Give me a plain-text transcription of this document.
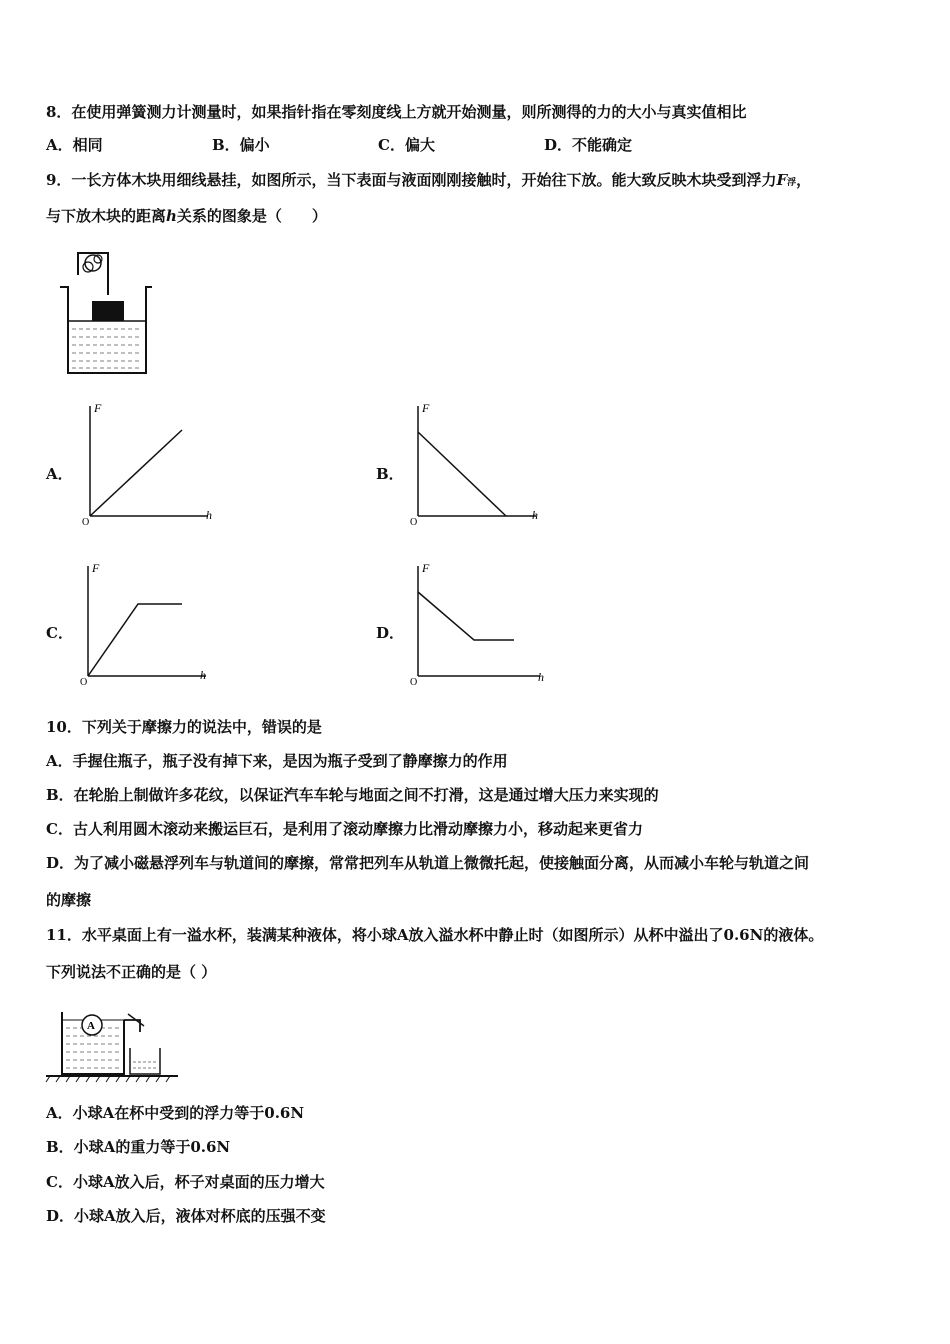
8．在使用弹簧测力计测量时，如果指针指在零刻度线上方就开始测量，则所测得的力的大小与真实值相比
A．相同	B．偏小	C．偏大	D．不能确定
9．一长方体木块用细线悬挂，如图所示，当下表面与液面刚刚接触时，开始往下放。能大致反映木块受到浮力F浮，
与下放木块的距离h关系的图象是（　　）
A．
F
h
O
B．
F
h
O
C．
F
h
O
D．
F
h
O
10．下列关于摩擦力的说法中，错误的是
A．手握住瓶子，瓶子没有掉下来，是因为瓶子受到了静摩擦力的作用
B．在轮胎上制做许多花纹，以保证汽车车轮与地面之间不打滑，这是通过增大压力来实现的
C．古人利用圆木滚动来搬运巨石，是利用了滚动摩擦力比滑动摩擦力小，移动起来更省力
D．为了减小磁悬浮列车与轨道间的摩擦，常常把列车从轨道上微微托起，使接触面分离，从而减小车轮与轨道之间
的摩擦
11．水平桌面上有一溢水杯，装满某种液体，将小球A放入溢水杯中静止时（如图所示）从杯中溢出了0.6N的液体。
下列说法不正确的是（ ）
A
A．小球A在杯中受到的浮力等于0.6N
B．小球A的重力等于0.6N
C．小球A放入后，杯子对桌面的压力增大
D．小球A放入后，液体对杯底的压强不变
